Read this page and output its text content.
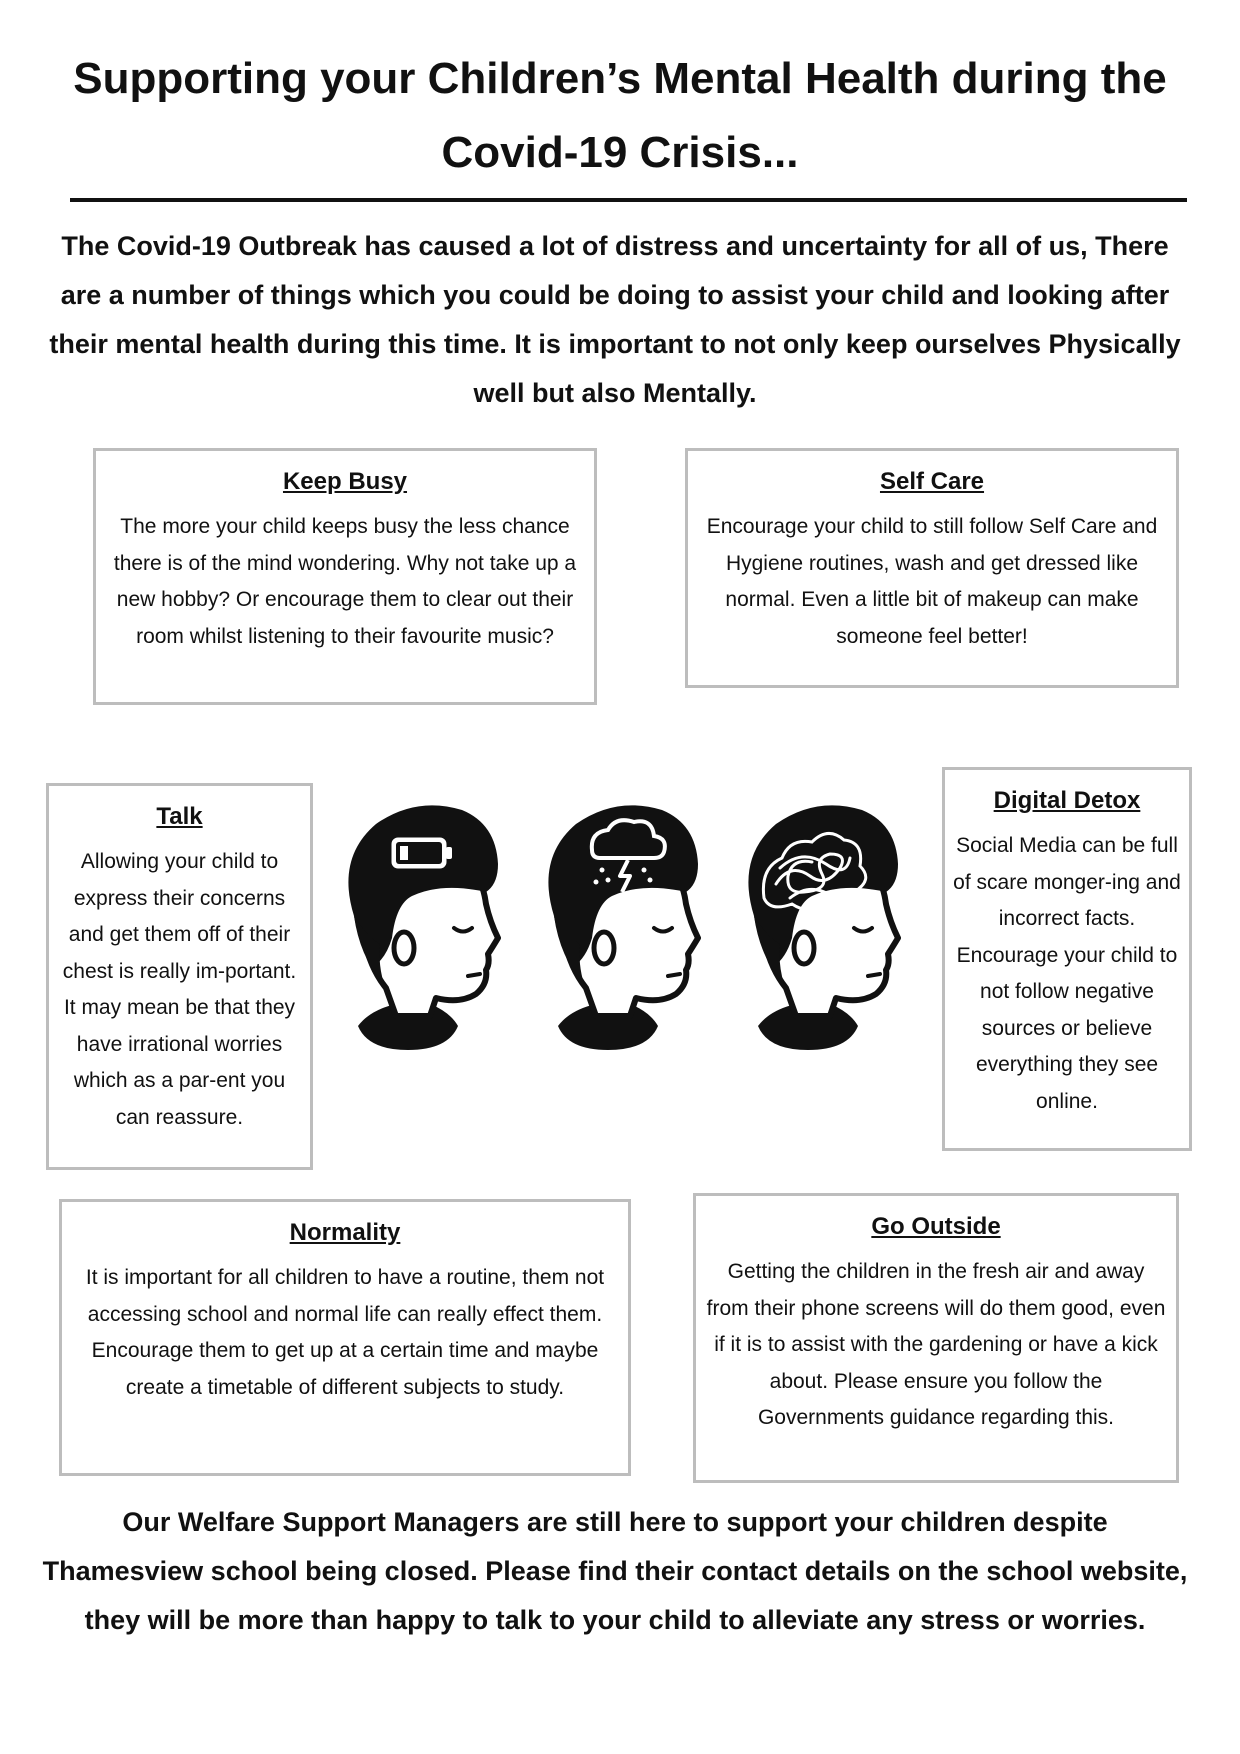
Supporting your Children’s Mental Health during the Covid-19 Crisis...

The Covid-19 Outbreak has caused a lot of distress and uncertainty for all of us, There are a number of things which you could be doing to assist your child and looking after their mental health during this time. It is important to not only keep ourselves Physically well but also Mentally.

Keep Busy

The more your child keeps busy the less chance there is of the mind wondering. Why not take up a new hobby? Or encourage them to clear out their room whilst listening to their favourite music?

Self Care

Encourage your child to still follow Self Care and Hygiene routines, wash and get dressed like normal. Even a little bit of makeup can make someone feel better!

Talk

Allowing your child to express their concerns and get them off of their chest is really im-portant. It may mean be that they have irrational worries which as a par-ent you can reassure.

Digital Detox

Social Media can be full of scare monger-ing and incorrect facts. Encourage your child to not follow negative sources or believe everything they see online.

Normality

It is important for all children to have a routine, them not accessing school and normal life can really effect them. Encourage them to get up at a certain time and maybe create a timetable of different subjects to study.

Go Outside

Getting the children in the fresh air and away from their phone screens will do them good, even if it is to assist with the gardening or have a kick about. Please ensure you follow the Governments guidance regarding this.

Our Welfare Support Managers are still here to support your children despite Thamesview school being closed. Please find their contact details on the school website, they will be more than happy to talk to your child to alleviate any stress or worries.
